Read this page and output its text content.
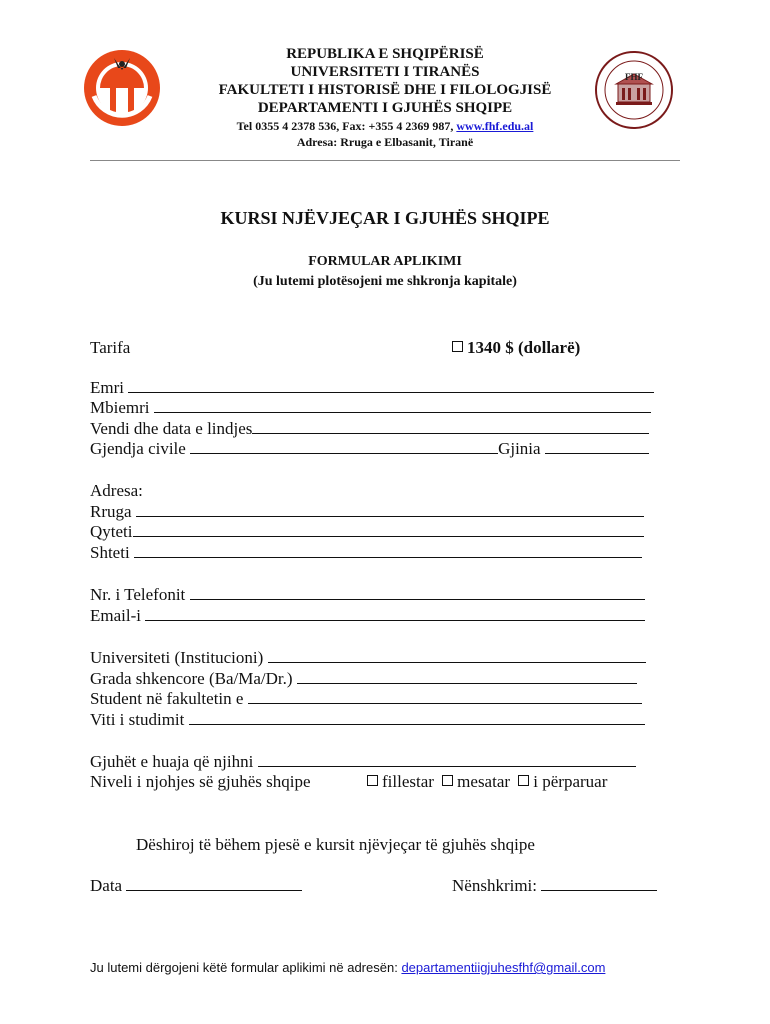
FHF
REPUBLIKA E SHQIPËRISË
UNIVERSITETI I TIRANËS
FAKULTETI I HISTORISË DHE I FILOLOGJISË
DEPARTAMENTI I GJUHËS SHQIPE
Tel 0355 4 2378 536, Fax: +355 4 2369 987, www.fhf.edu.al
Adresa: Rruga e Elbasanit, Tiranë
KURSI NJËVJEÇAR I GJUHËS SHQIPE
FORMULAR APLIKIMI
(Ju lutemi plotësojeni me shkronja kapitale)
Tarifa	1340 $ (dollarë)
Emri
Mbiemri
Vendi dhe data e lindjes
Gjendja civile	Gjinia
Adresa:
Rruga
Qyteti
Shteti
Nr. i Telefonit
Email-i
Universiteti (Institucioni)
Grada shkencore (Ba/Ma/Dr.)
Student në fakultetin e
Viti i studimit
Gjuhët e huaja që njihni
Niveli i njohjes së gjuhës shqipe	fillestar mesatar i përparuar
Dëshiroj të bëhem pjesë e kursit njëvjeçar të gjuhës shqipe
Data	Nënshkrimi:
Ju lutemi dërgojeni këtë formular aplikimi në adresën: departamentiigjuhesfhf@gmail.com
